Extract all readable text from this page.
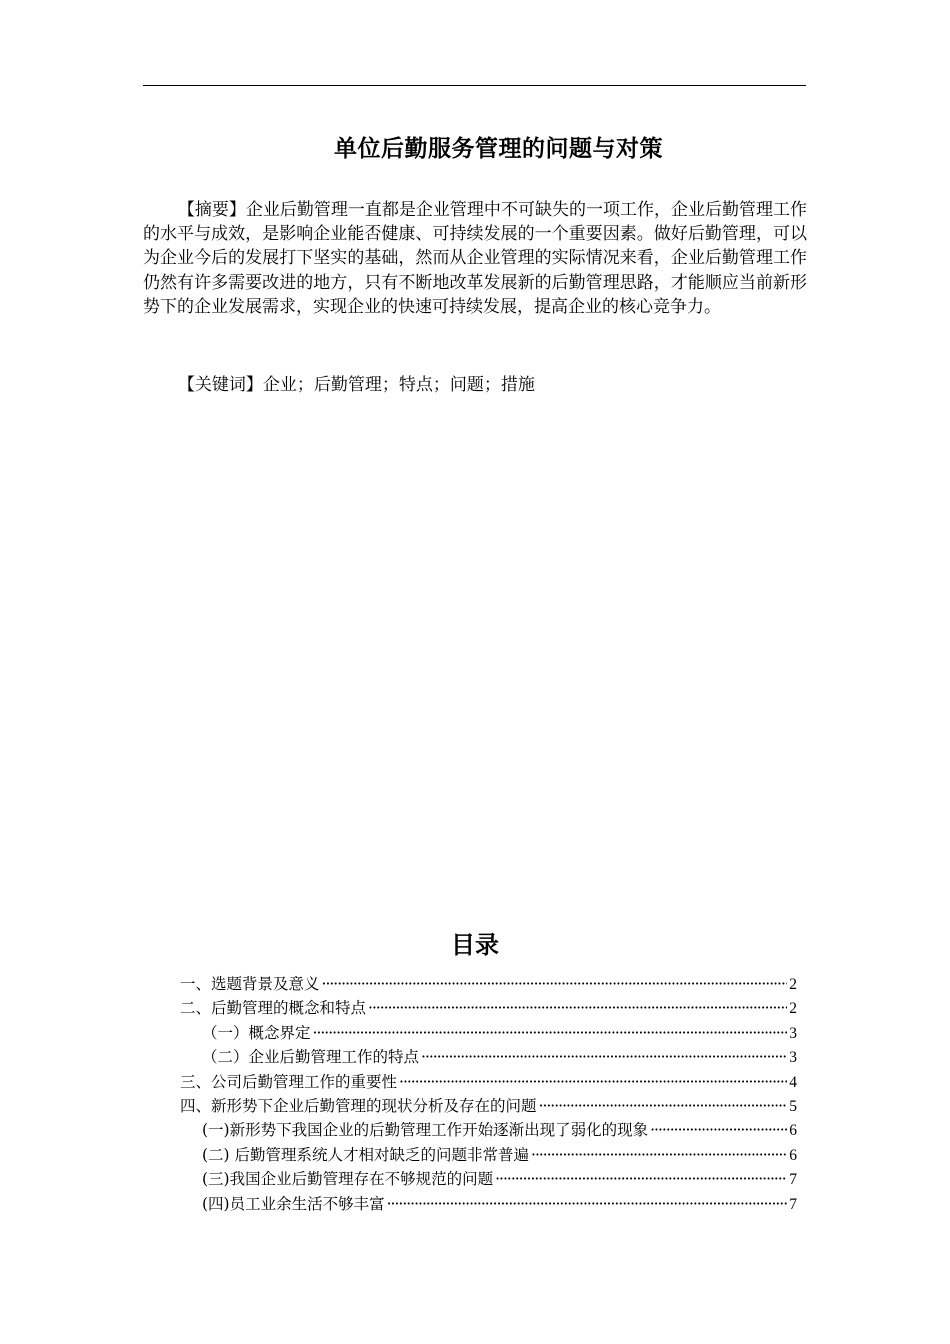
单位后勤服务管理的问题与对策

【摘要】企业后勤管理一直都是企业管理中不可缺失的一项工作，企业后勤管理工作的水平与成效，是影响企业能否健康、可持续发展的一个重要因素。做好后勤管理，可以为企业今后的发展打下坚实的基础，然而从企业管理的实际情况来看，企业后勤管理工作仍然有许多需要改进的地方，只有不断地改革发展新的后勤管理思路，才能顺应当前新形势下的企业发展需求，实现企业的快速可持续发展，提高企业的核心竞争力。

【关键词】企业；后勤管理；特点；问题；措施

目录
一、选题背景及意义 ·····	2
二、后勤管理的概念和特点 ·····	2
（一）概念界定 ·····	3
（二）企业后勤管理工作的特点 ·····	3
三、公司后勤管理工作的重要性 ·····	4
四、新形势下企业后勤管理的现状分析及存在的问题 ·····	5
(一)新形势下我国企业的后勤管理工作开始逐渐出现了弱化的现象 ·····	6
(二) 后勤管理系统人才相对缺乏的问题非常普遍 ·····	6
(三)我国企业后勤管理存在不够规范的问题 ·····	7
(四)员工业余生活不够丰富 ·····	7
